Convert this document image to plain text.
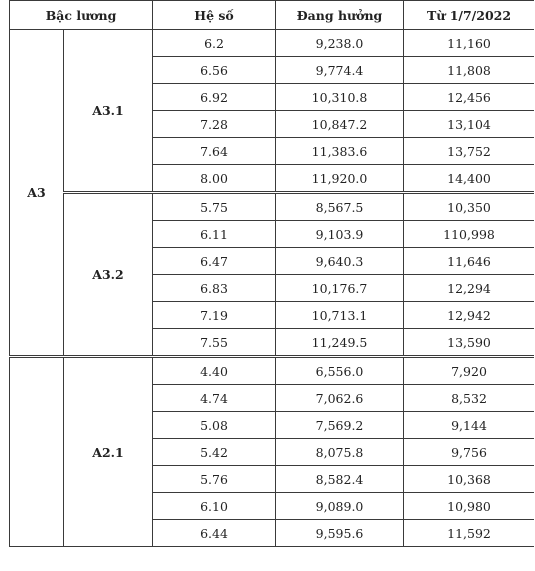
Bậc lương		Hệ số	Đang hưởng	Từ 1/7/2022
A3	A3.1	6.2	9,238.0	11,160
		6.56	9,774.4	11,808
		6.92	10,310.8	12,456
		7.28	10,847.2	13,104
		7.64	11,383.6	13,752
		8.00	11,920.0	14,400
	A3.2	5.75	8,567.5	10,350
		6.11	9,103.9	110,998
		6.47	9,640.3	11,646
		6.83	10,176.7	12,294
		7.19	10,713.1	12,942
		7.55	11,249.5	13,590
	A2.1	4.40	6,556.0	7,920
		4.74	7,062.6	8,532
		5.08	7,569.2	9,144
		5.42	8,075.8	9,756
		5.76	8,582.4	10,368
		6.10	9,089.0	10,980
		6.44	9,595.6	11,592
